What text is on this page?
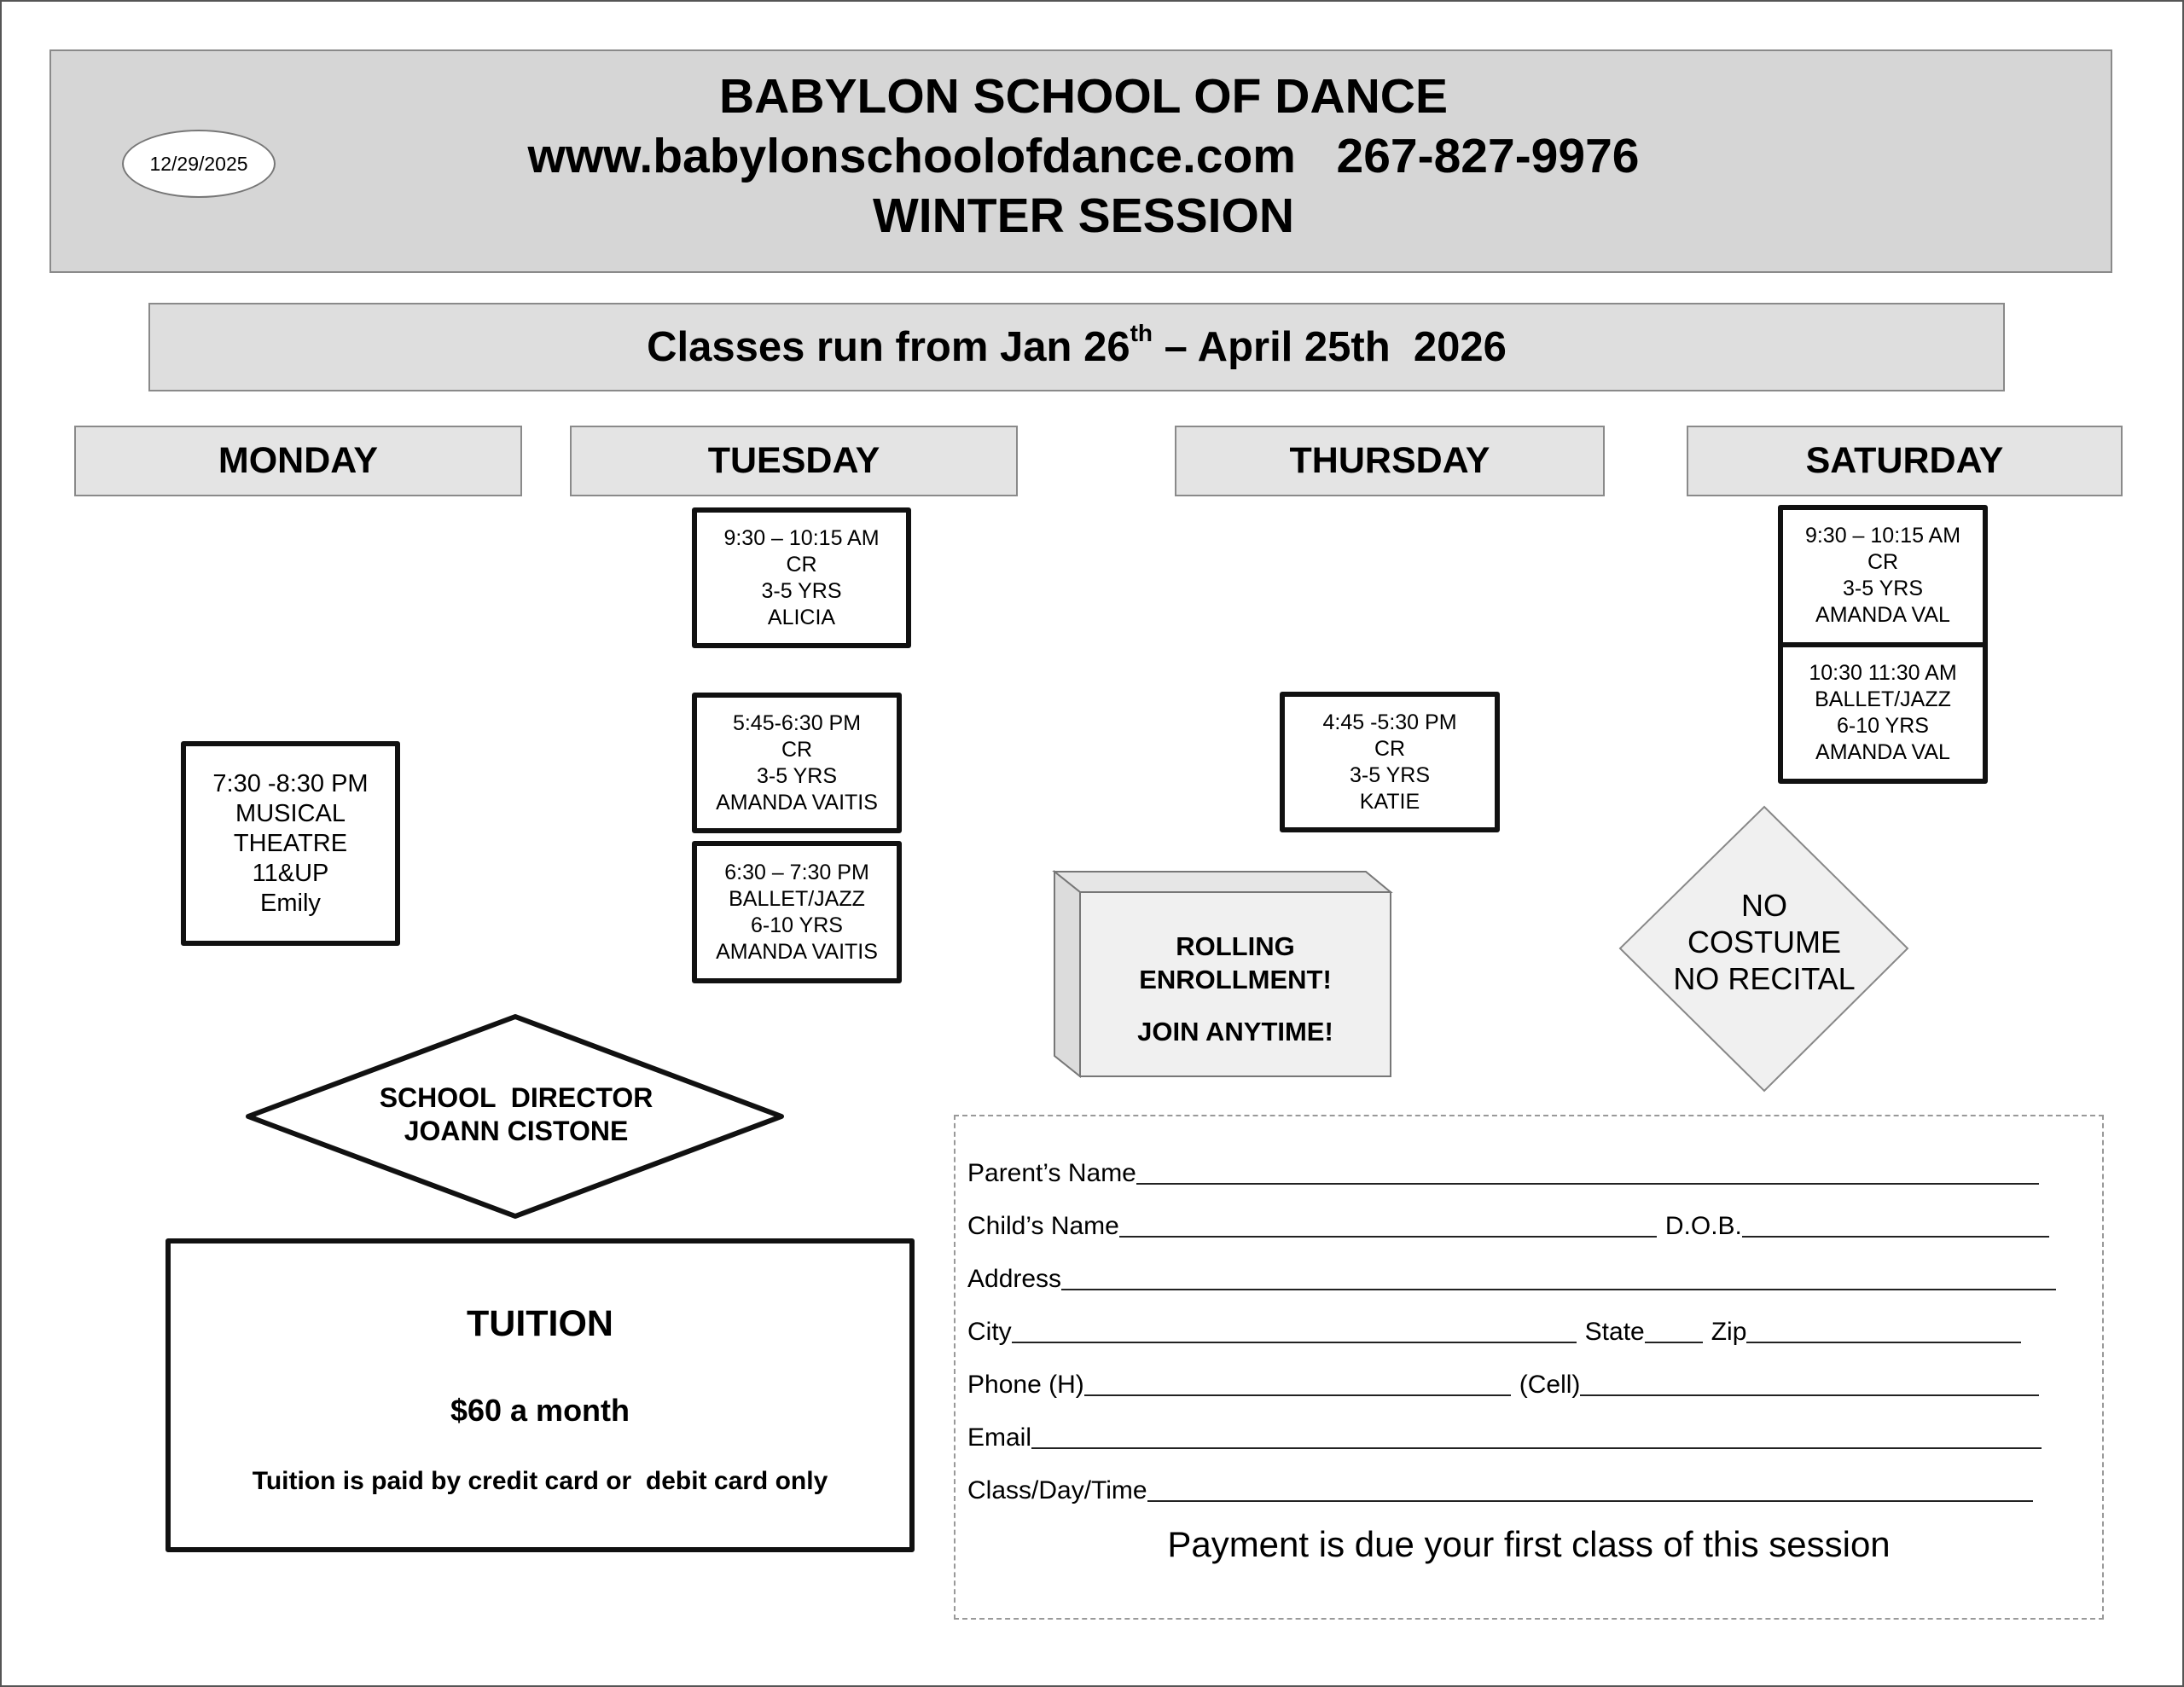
12/29/2025
BABYLON SCHOOL OF DANCE
www.babylonschoolofdance.com 267-827-9976
WINTER SESSION
Classes run from Jan 26th – April 25th  2026
MONDAY	TUESDAY	THURSDAY	SATURDAY
7:30 -8:30 PM
MUSICAL
THEATRE
11&UP
Emily
9:30 – 10:15 AM
CR
3-5 YRS
ALICIA
5:45-6:30 PM
CR
3-5 YRS
AMANDA VAITIS
6:30 – 7:30 PM
BALLET/JAZZ
6-10 YRS
AMANDA VAITIS
4:45 -5:30 PM
CR
3-5 YRS
KATIE
9:30 – 10:15 AM
CR
3-5 YRS
AMANDA VAL
10:30 11:30 AM
BALLET/JAZZ
6-10 YRS
AMANDA VAL
ROLLING
ENROLLMENT!
JOIN ANYTIME!
NO
COSTUME
NO RECITAL
SCHOOL  DIRECTOR
JOANN CISTONE
TUITION
$60 a month
Tuition is paid by credit card or  debit card only
Parent’s Name
Child’s Name	D.O.B.
Address
City	State	Zip
Phone (H)	(Cell)
Email
Class/Day/Time
Payment is due your first class of this session
